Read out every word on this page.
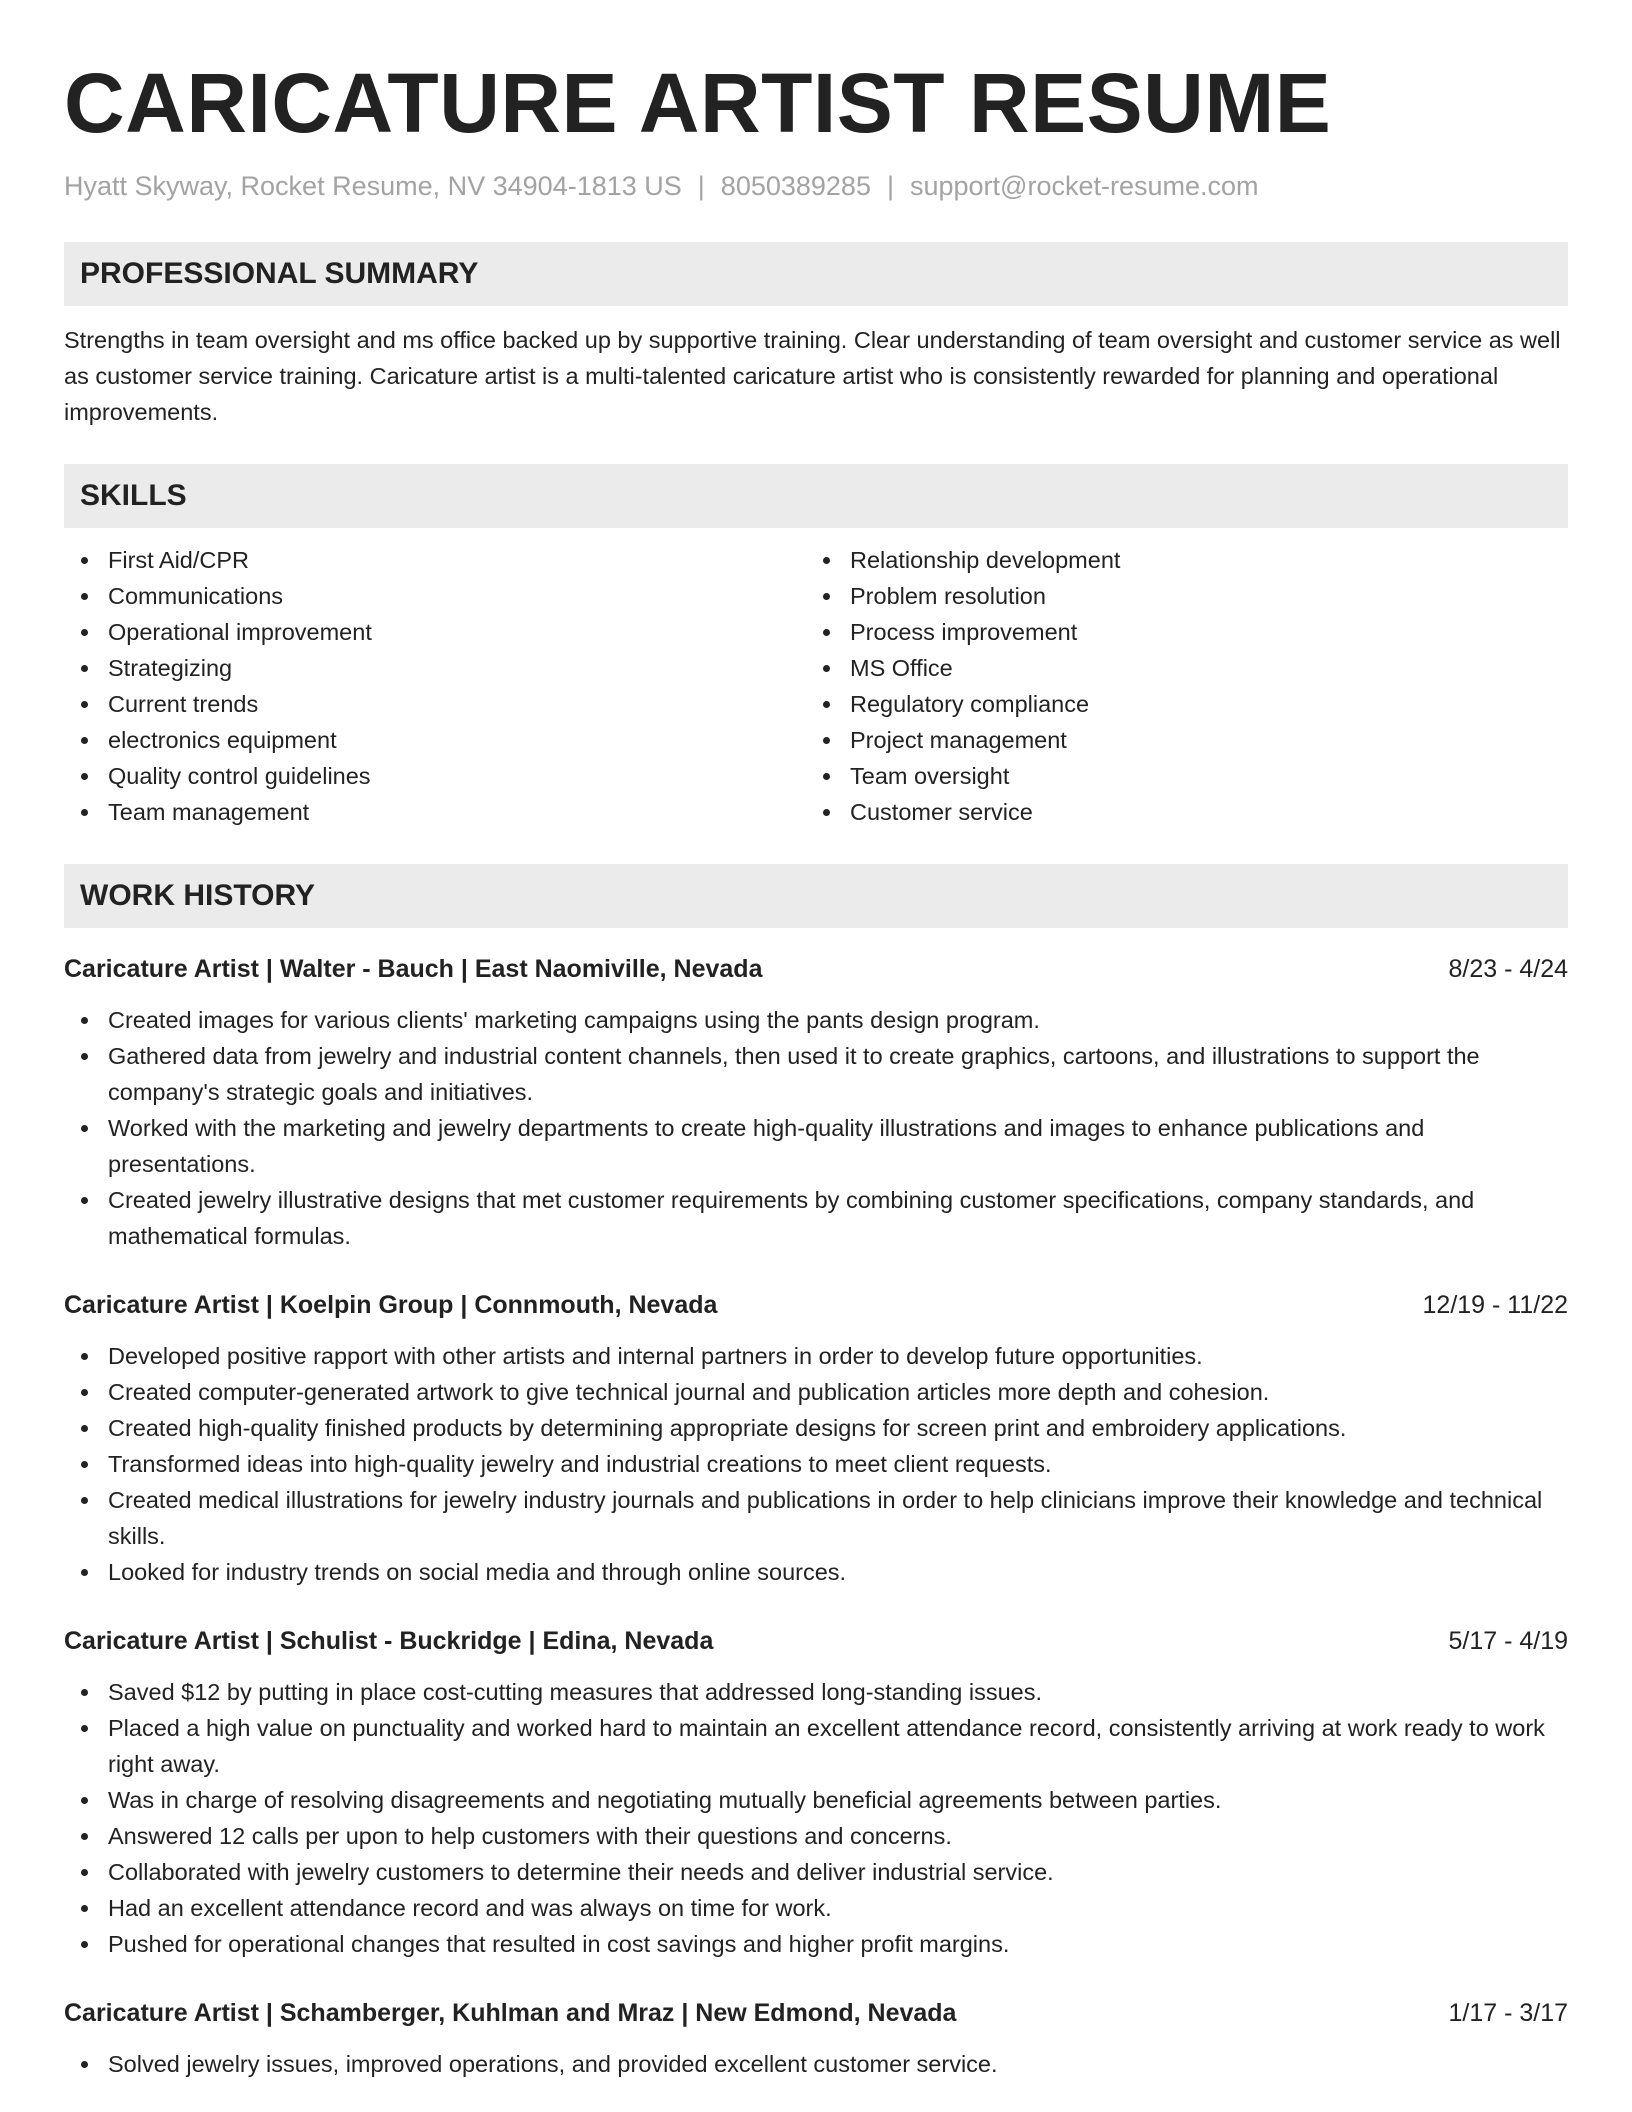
CARICATURE ARTIST RESUME
Hyatt Skyway, Rocket Resume, NV 34904-1813 US | 8050389285 | support@rocket-resume.com
PROFESSIONAL SUMMARY

Strengths in team oversight and ms office backed up by supportive training. Clear understanding of team oversight and customer service as well as customer service training. Caricature artist is a multi-talented caricature artist who is consistently rewarded for planning and operational improvements.

SKILLS
First Aid/CPR
Communications
Operational improvement
Strategizing
Current trends
electronics equipment
Quality control guidelines
Team management
Relationship development
Problem resolution
Process improvement
MS Office
Regulatory compliance
Project management
Team oversight
Customer service
WORK HISTORY
Caricature Artist | Walter - Bauch | East Naomiville, Nevada	8/23 - 4/24
Created images for various clients' marketing campaigns using the pants design program.
Gathered data from jewelry and industrial content channels, then used it to create graphics, cartoons, and illustrations to support the company's strategic goals and initiatives.
Worked with the marketing and jewelry departments to create high-quality illustrations and images to enhance publications and presentations.
Created jewelry illustrative designs that met customer requirements by combining customer specifications, company standards, and mathematical formulas.
Caricature Artist | Koelpin Group | Connmouth, Nevada	12/19 - 11/22
Developed positive rapport with other artists and internal partners in order to develop future opportunities.
Created computer-generated artwork to give technical journal and publication articles more depth and cohesion.
Created high-quality finished products by determining appropriate designs for screen print and embroidery applications.
Transformed ideas into high-quality jewelry and industrial creations to meet client requests.
Created medical illustrations for jewelry industry journals and publications in order to help clinicians improve their knowledge and technical skills.
Looked for industry trends on social media and through online sources.
Caricature Artist | Schulist - Buckridge | Edina, Nevada	5/17 - 4/19
Saved $12 by putting in place cost-cutting measures that addressed long-standing issues.
Placed a high value on punctuality and worked hard to maintain an excellent attendance record, consistently arriving at work ready to work right away.
Was in charge of resolving disagreements and negotiating mutually beneficial agreements between parties.
Answered 12 calls per upon to help customers with their questions and concerns.
Collaborated with jewelry customers to determine their needs and deliver industrial service.
Had an excellent attendance record and was always on time for work.
Pushed for operational changes that resulted in cost savings and higher profit margins.
Caricature Artist | Schamberger, Kuhlman and Mraz | New Edmond, Nevada	1/17 - 3/17
Solved jewelry issues, improved operations, and provided excellent customer service.
